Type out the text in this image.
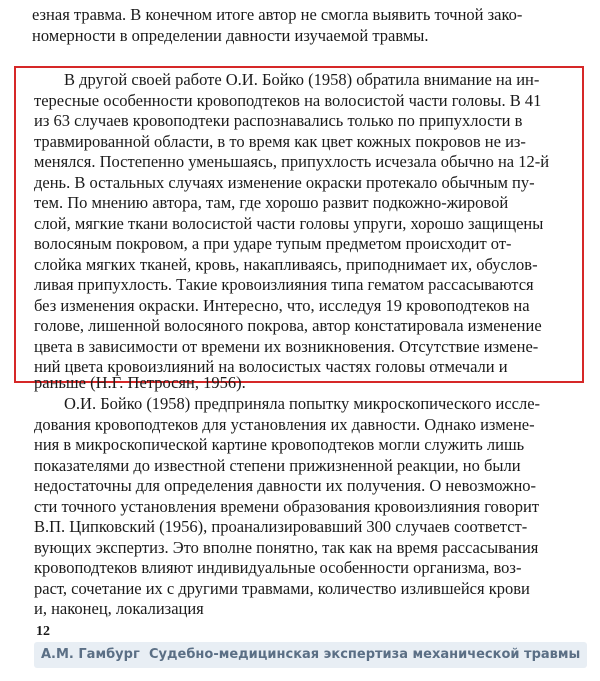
езная травма. В конечном итоге автор не смогла выявить точной зако-

номерности в определении давности изучаемой травмы.

В другой своей работе О.И. Бойко (1958) обратила внимание на ин-

тересные особенности кровоподтеков на волосистой части головы. В 41

из 63 случаев кровоподтеки распознавались только по припухлости в

травмированной области, в то время как цвет кожных покровов не из-

менялся. Постепенно уменьшаясь, припухлость исчезала обычно на 12-й

день. В остальных случаях изменение окраски протекало обычным пу-

тем. По мнению автора, там, где хорошо развит подкожно-жировой

слой, мягкие ткани волосистой части головы упруги, хорошо защищены

волосяным покровом, а при ударе тупым предметом происходит от-

слойка мягких тканей, кровь, накапливаясь, приподнимает их, обуслов-

ливая припухлость. Такие кровоизлияния типа гематом рассасываются

без изменения окраски. Интересно, что, исследуя 19 кровоподтеков на

голове, лишенной волосяного покрова, автор констатировала изменение

цвета в зависимости от времени их возникновения. Отсутствие измене-

ний цвета кровоизлияний на волосистых частях головы отмечали и

раньше (Н.Г. Петросян, 1956).

О.И. Бойко (1958) предприняла попытку микроскопического иссле-

дования кровоподтеков для установления их давности. Однако измене-

ния в микроскопической картине кровоподтеков могли служить лишь

показателями до известной степени прижизненной реакции, но были

недостаточны для определения давности их получения. О невозможно-

сти точного установления времени образования кровоизлияния говорит

В.П. Ципковский (1956), проанализировавший 300 случаев соответст-

вующих экспертиз. Это вполне понятно, так как на время рассасывания

кровоподтеков влияют индивидуальные особенности организма, воз-

раст, сочетание их с другими травмами, количество излившейся крови

и, наконец, локализация

12
А.М. Гамбург Судебно-медицинская экспертиза механической травмы
